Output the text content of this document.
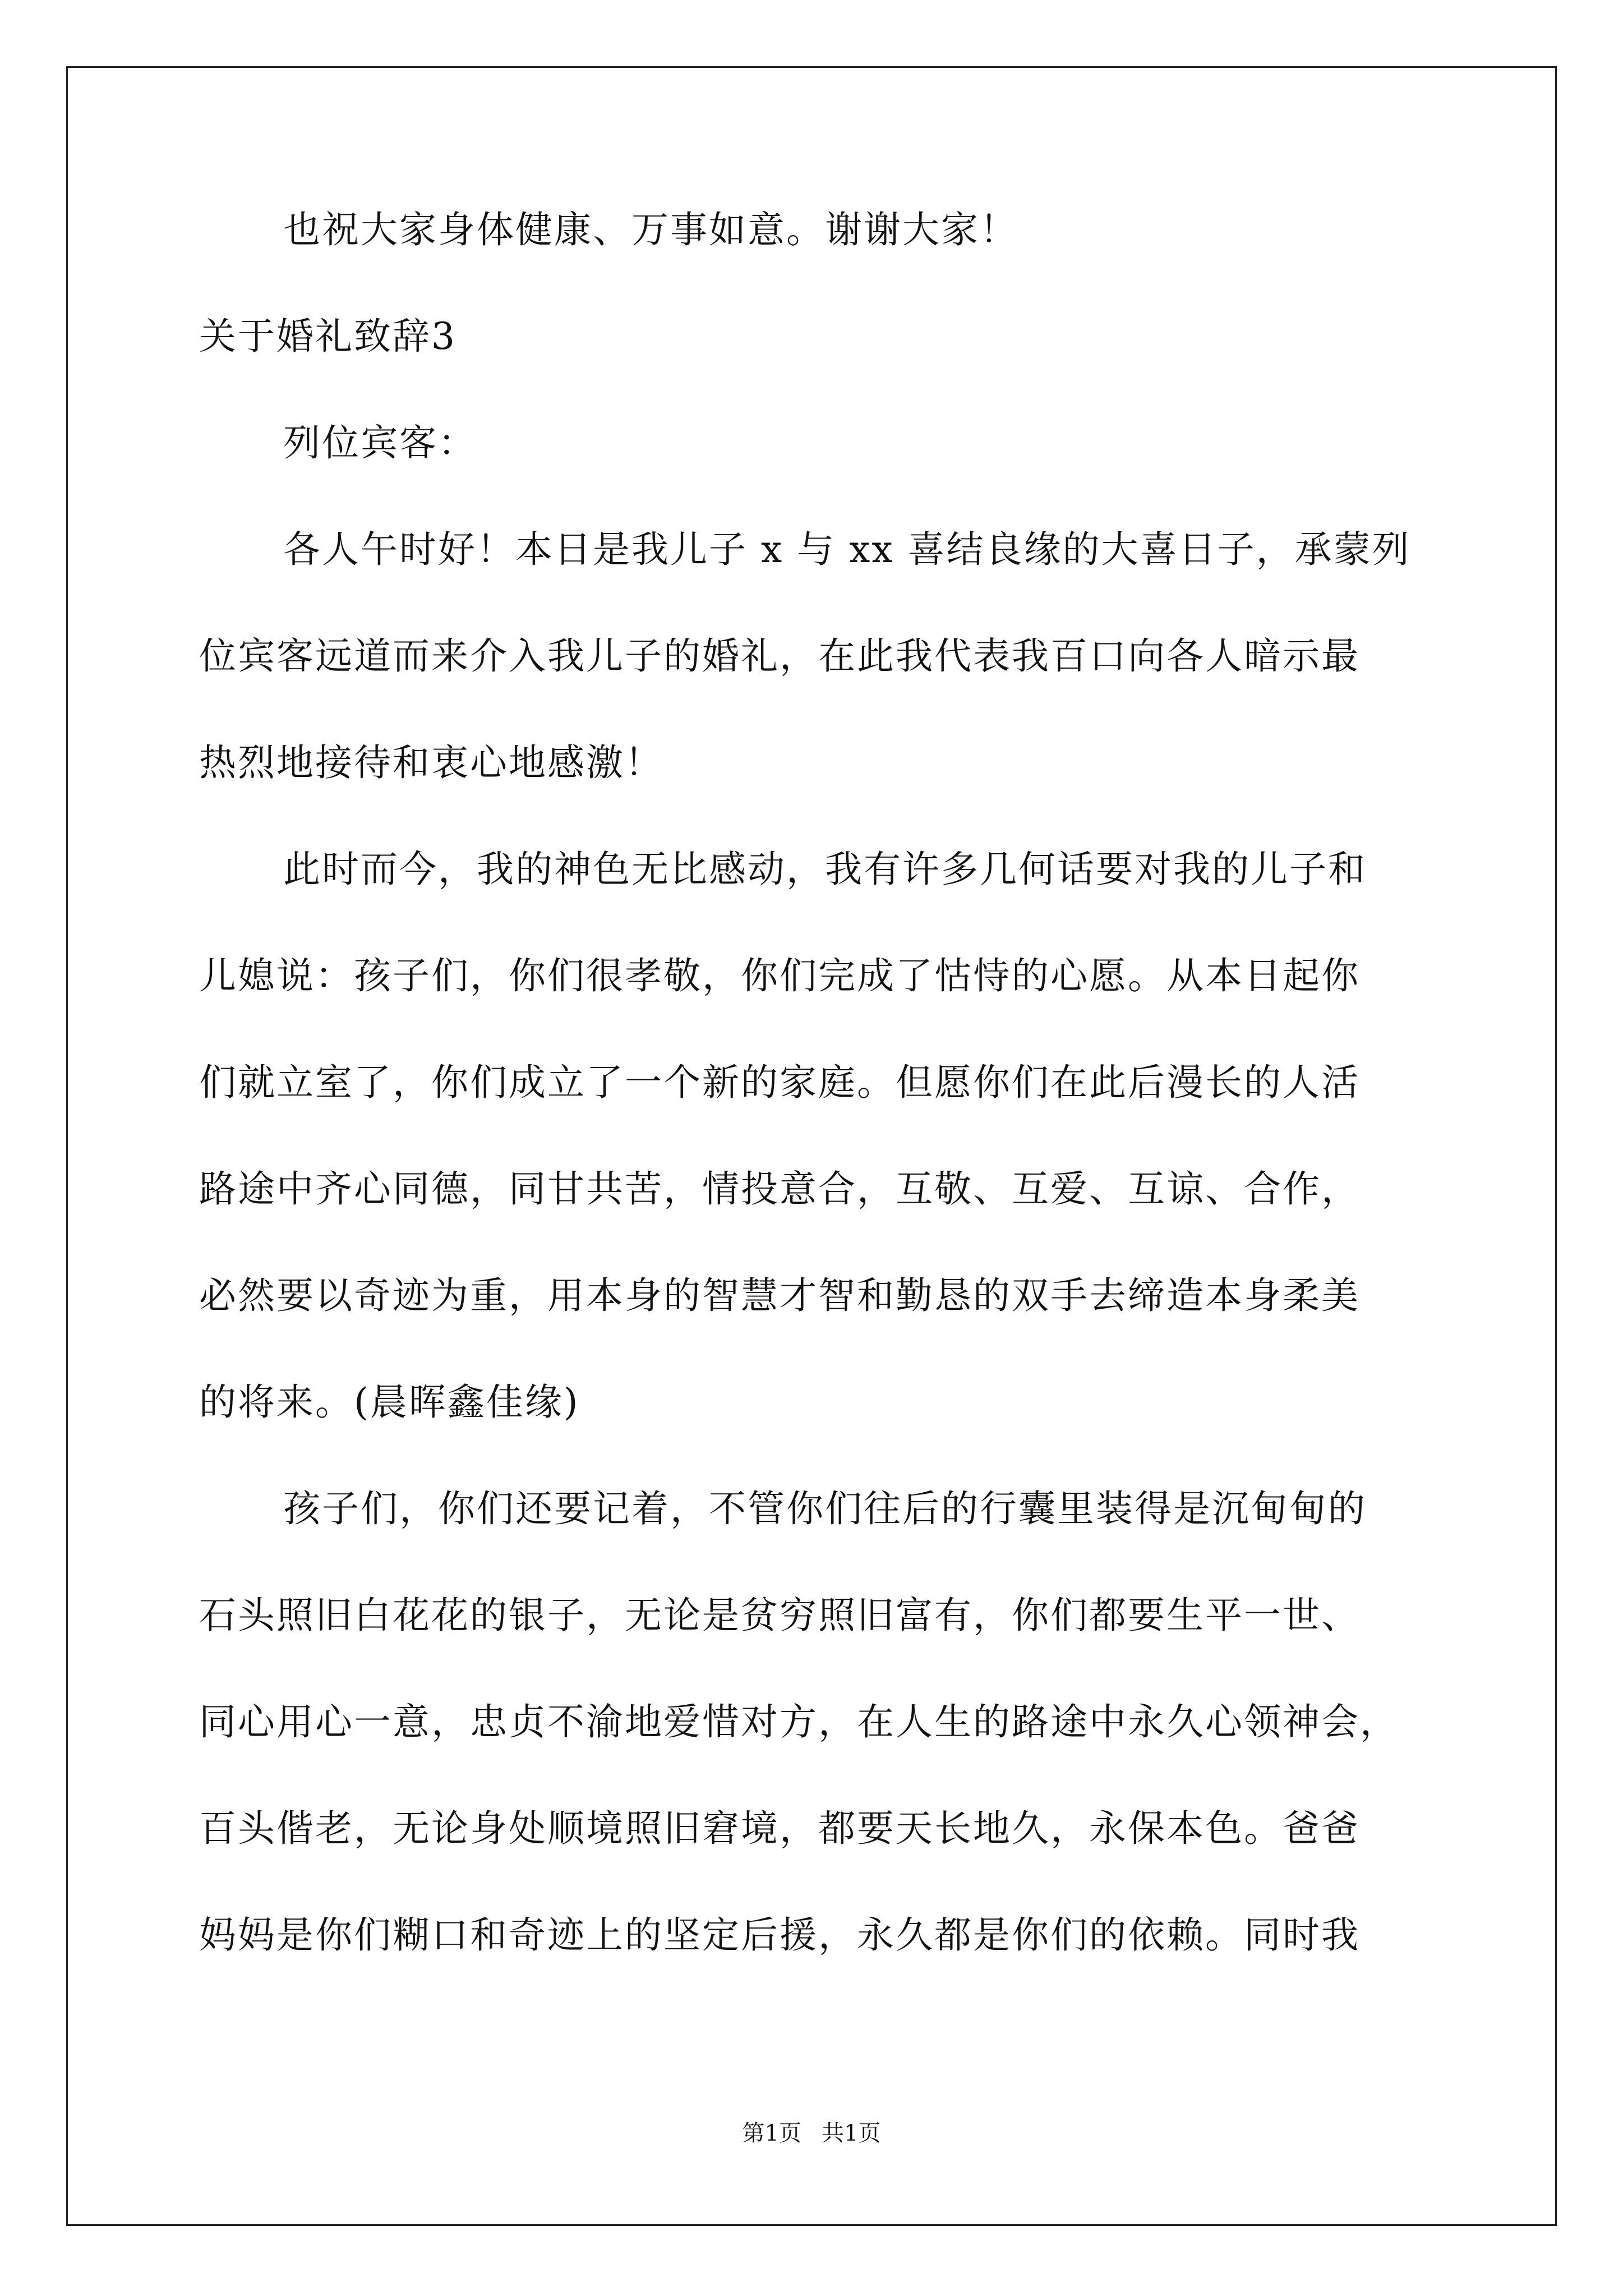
也祝大家身体健康、万事如意。谢谢大家！
关于婚礼致辞3
列位宾客：
各人午时好！本日是我儿子 x 与 xx 喜结良缘的大喜日子，承蒙列
位宾客远道而来介入我儿子的婚礼，在此我代表我百口向各人暗示最
热烈地接待和衷心地感激！
此时而今，我的神色无比感动，我有许多几何话要对我的儿子和
儿媳说：孩子们，你们很孝敬，你们完成了怙恃的心愿。从本日起你
们就立室了，你们成立了一个新的家庭。但愿你们在此后漫长的人活
路途中齐心同德，同甘共苦，情投意合，互敬、互爱、互谅、合作，
必然要以奇迹为重，用本身的智慧才智和勤恳的双手去缔造本身柔美
的将来。(晨晖鑫佳缘)
孩子们，你们还要记着，不管你们往后的行囊里装得是沉甸甸的
石头照旧白花花的银子，无论是贫穷照旧富有，你们都要生平一世、
同心用心一意，忠贞不渝地爱惜对方，在人生的路途中永久心领神会，
百头偕老，无论身处顺境照旧窘境，都要天长地久，永保本色。爸爸
妈妈是你们糊口和奇迹上的坚定后援，永久都是你们的依赖。同时我
第1页 共1页
